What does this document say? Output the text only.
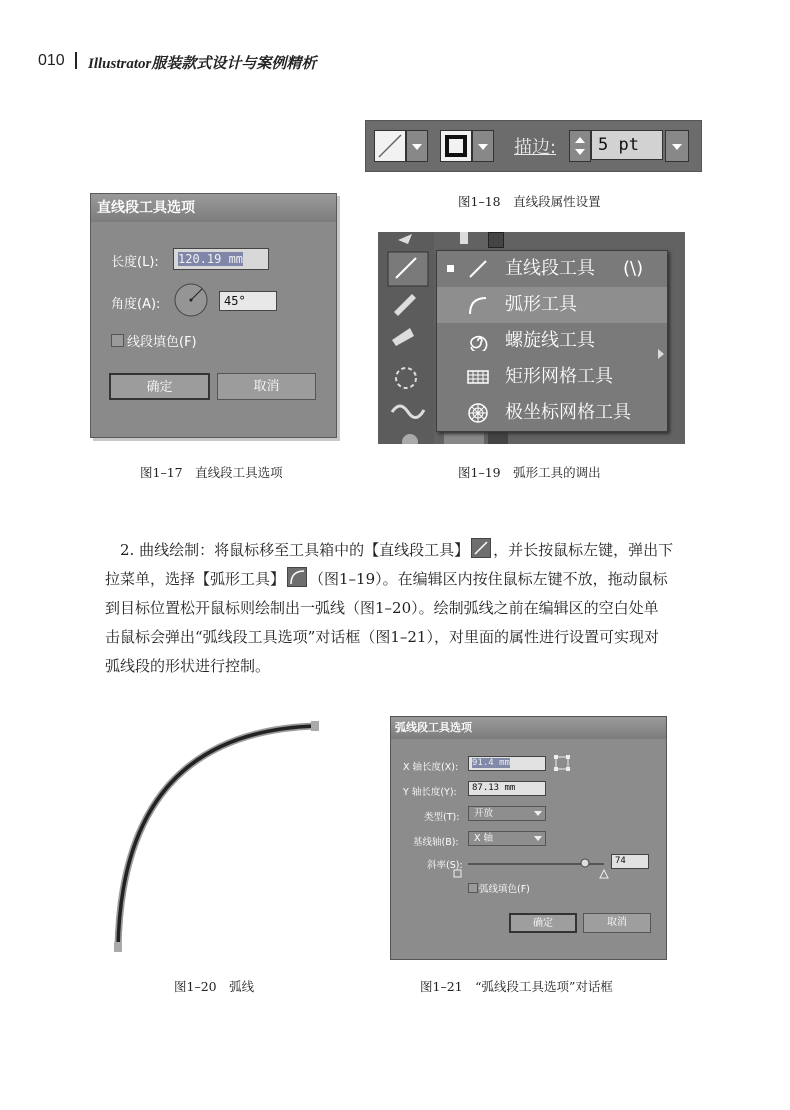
010 Illustrator服装款式设计与案例精析
描边:	5 pt
图1–18　直线段属性设置
直线段工具选项
长度(L):	120.19 mm
角度(A):	45°
线段填色(F)
确定	取消
图1–17　直线段工具选项
直线段工具 (\)
弧形工具
螺旋线工具
矩形网格工具
极坐标网格工具
图1–19　弧形工具的调出

2. 曲线绘制：将鼠标移至工具箱中的【直线段工具】 ，并长按鼠标左键，弹出下

拉菜单，选择【弧形工具】 （图1–19）。在编辑区内按住鼠标左键不放，拖动鼠标

到目标位置松开鼠标则绘制出一弧线（图1–20）。绘制弧线之前在编辑区的空白处单

击鼠标会弹出“弧线段工具选项”对话框（图1–21），对里面的属性进行设置可实现对

弧线段的形状进行控制。

图1–20　弧线
弧线段工具选项
X 轴长度(X):	91.4 mm
Y 轴长度(Y):	87.13 mm
类型(T):	开放
基线轴(B):	X 轴
斜率(S):	74
弧线填色(F)
确定	取消
图1–21　“弧线段工具选项”对话框
